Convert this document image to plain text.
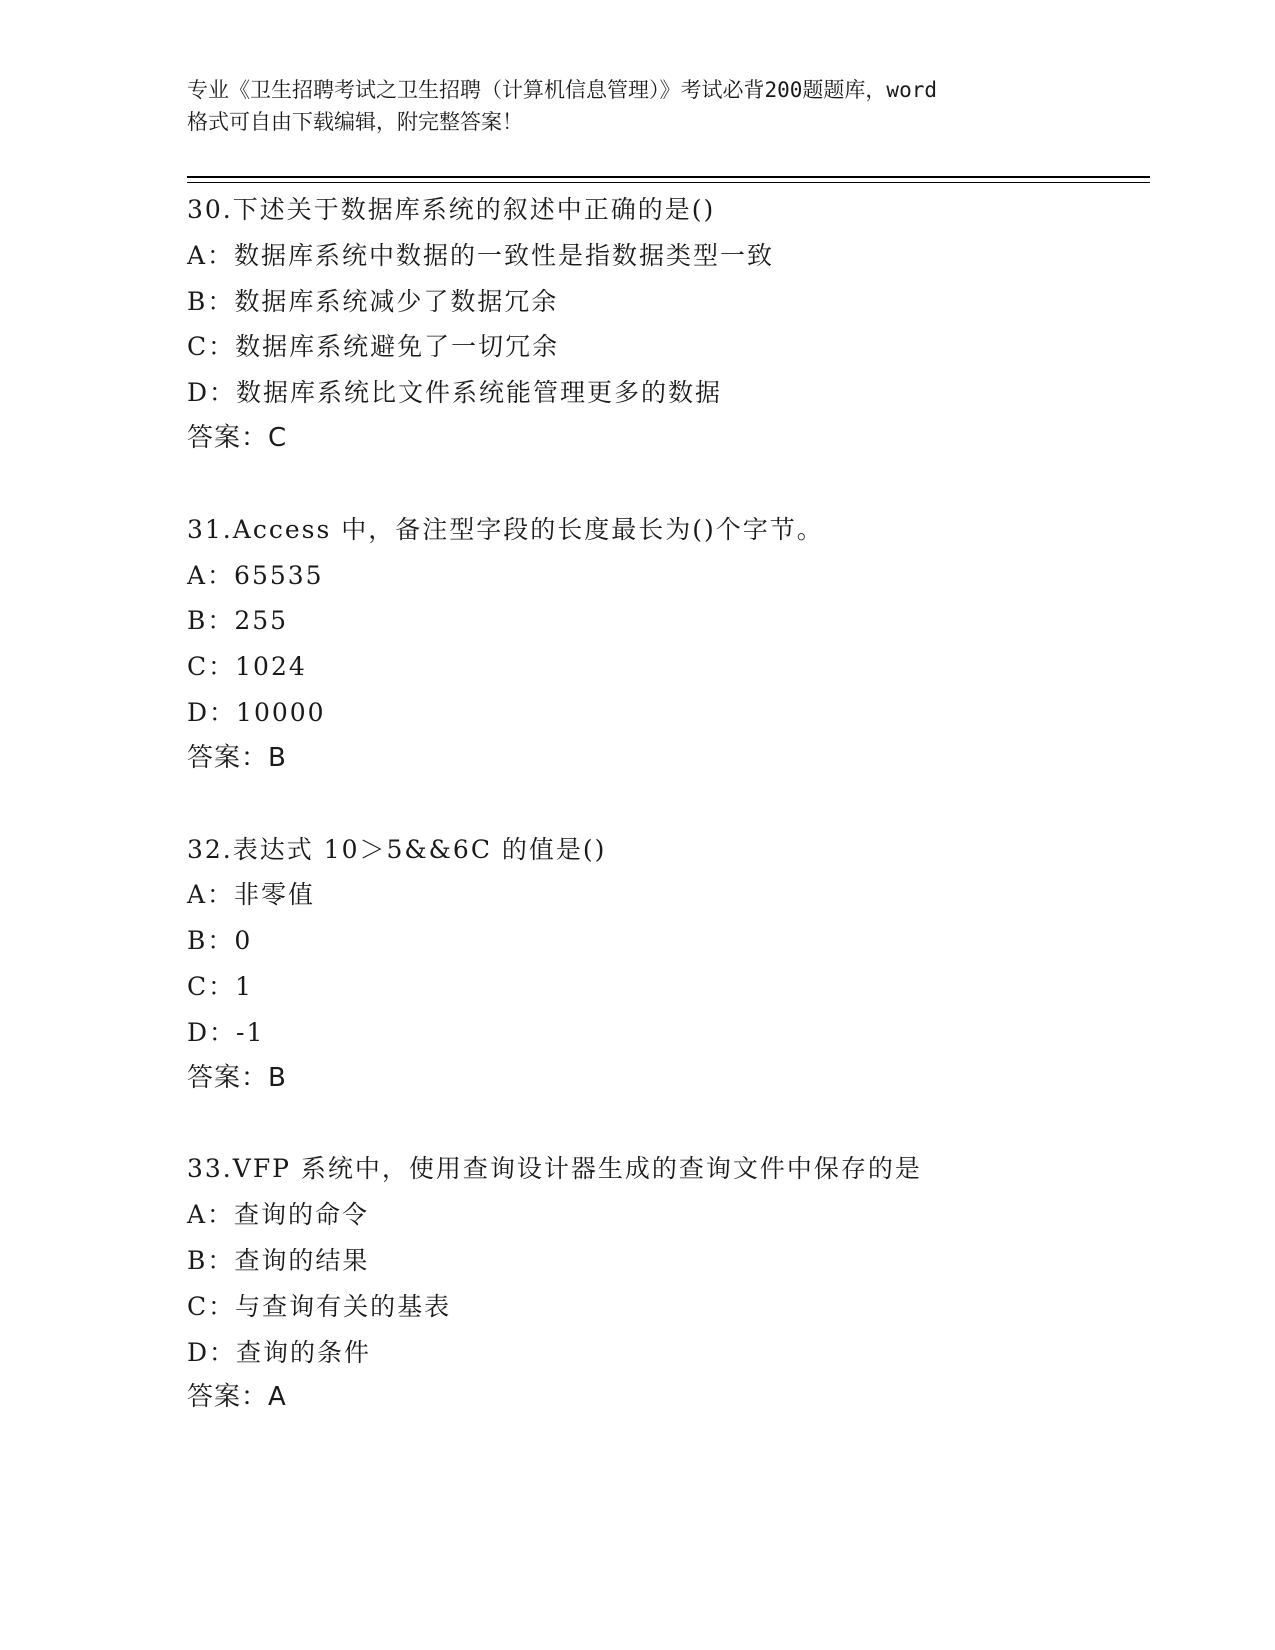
专业《卫生招聘考试之卫生招聘（计算机信息管理）》考试必背200题题库，word
格式可自由下载编辑，附完整答案！
30.下述关于数据库系统的叙述中正确的是()
A：数据库系统中数据的一致性是指数据类型一致
B：数据库系统减少了数据冗余
C：数据库系统避免了一切冗余
D：数据库系统比文件系统能管理更多的数据
答案：C
31.Access 中，备注型字段的长度最长为()个字节。
A：65535
B：255
C：1024
D：10000
答案：B
32.表达式 10＞5&&6C 的值是()
A：非零值
B：0
C：1
D：-1
答案：B
33.VFP 系统中，使用查询设计器生成的查询文件中保存的是
A：查询的命令
B：查询的结果
C：与查询有关的基表
D：查询的条件
答案：A
